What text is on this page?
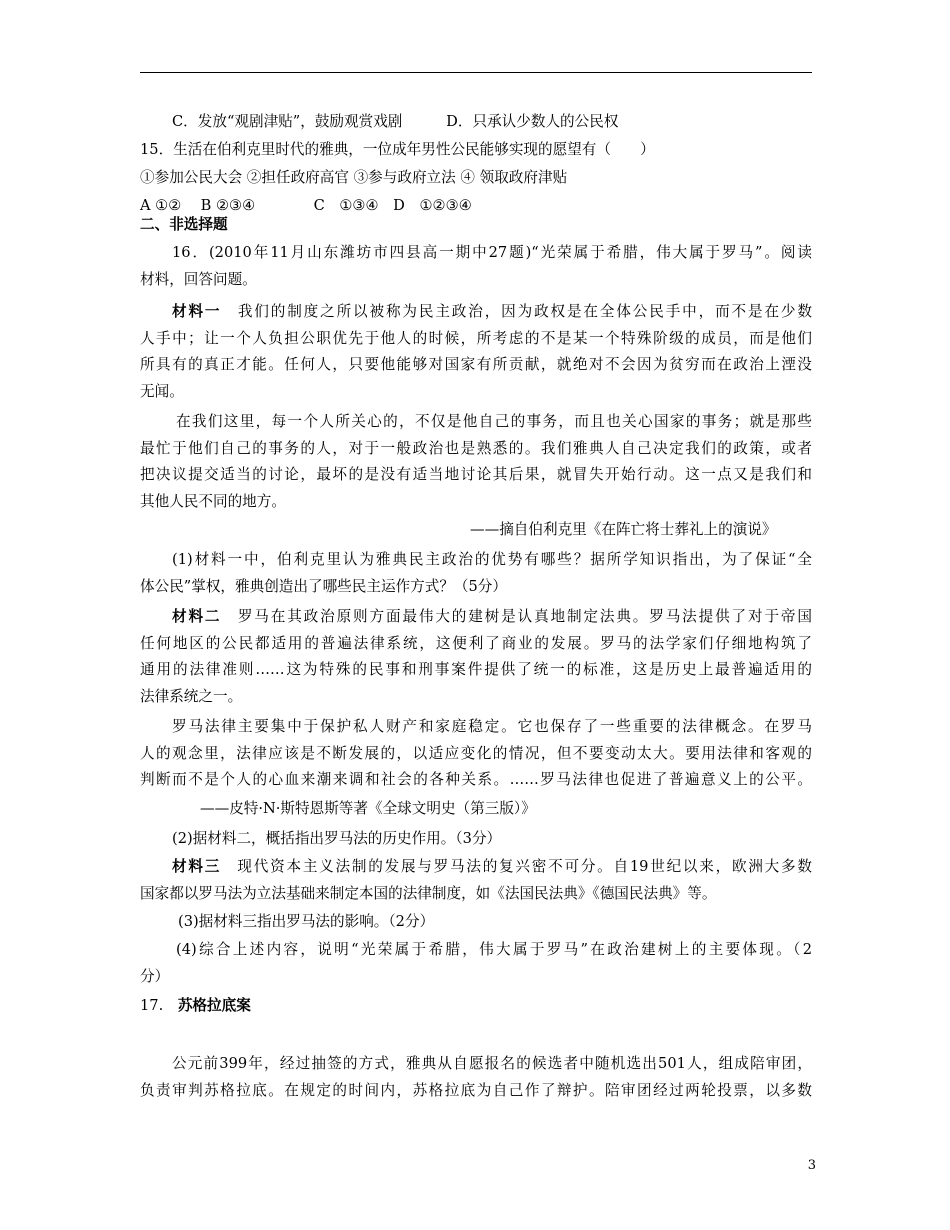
C．发放“观剧津贴”，鼓励观赏戏剧　　　D．只承认少数人的公民权
15．生活在伯利克里时代的雅典，一位成年男性公民能够实现的愿望有（　　）
①参加公民大会 ②担任政府高官 ③参与政府立法 ④ 领取政府津贴
A ①②　 B ②③④　　　　C　①③④　D　①②③④
二、非选择题
16．(2010年11月山东潍坊市四县高一期中27题)“光荣属于希腊，伟大属于罗马”。阅读
材料，回答问题。
材料一　我们的制度之所以被称为民主政治，因为政权是在全体公民手中，而不是在少数
人手中；让一个人负担公职优先于他人的时候，所考虑的不是某一个特殊阶级的成员，而是他们
所具有的真正才能。任何人，只要他能够对国家有所贡献，就绝对不会因为贫穷而在政治上湮没
无闻。
在我们这里，每一个人所关心的，不仅是他自己的事务，而且也关心国家的事务；就是那些
最忙于他们自己的事务的人，对于一般政治也是熟悉的。我们雅典人自己决定我们的政策，或者
把决议提交适当的讨论，最坏的是没有适当地讨论其后果，就冒失开始行动。这一点又是我们和
其他人民不同的地方。
——摘自伯利克里《在阵亡将士葬礼上的演说》
(1)材料一中，伯利克里认为雅典民主政治的优势有哪些？据所学知识指出，为了保证“全
体公民”掌权，雅典创造出了哪些民主运作方式？（5分）
材料二　罗马在其政治原则方面最伟大的建树是认真地制定法典。罗马法提供了对于帝国
任何地区的公民都适用的普遍法律系统，这便利了商业的发展。罗马的法学家们仔细地构筑了
通用的法律准则……这为特殊的民事和刑事案件提供了统一的标准，这是历史上最普遍适用的
法律系统之一。
罗马法律主要集中于保护私人财产和家庭稳定。它也保存了一些重要的法律概念。在罗马
人的观念里，法律应该是不断发展的，以适应变化的情况，但不要变动太大。要用法律和客观的
判断而不是个人的心血来潮来调和社会的各种关系。……罗马法律也促进了普遍意义上的公平。
——皮特·N·斯特恩斯等著《全球文明史（第三版）》
(2)据材料二，概括指出罗马法的历史作用。（3分）
材料三　现代资本主义法制的发展与罗马法的复兴密不可分。自19世纪以来，欧洲大多数
国家都以罗马法为立法基础来制定本国的法律制度，如《法国民法典》《德国民法典》等。
(3)据材料三指出罗马法的影响。（2分）
(4)综合上述内容，说明“光荣属于希腊，伟大属于罗马”在政治建树上的主要体现。（2
分）
17.　苏格拉底案
公元前399年，经过抽签的方式，雅典从自愿报名的候选者中随机选出501人，组成陪审团，
负责审判苏格拉底。在规定的时间内，苏格拉底为自己作了辩护。陪审团经过两轮投票，以多数
3
